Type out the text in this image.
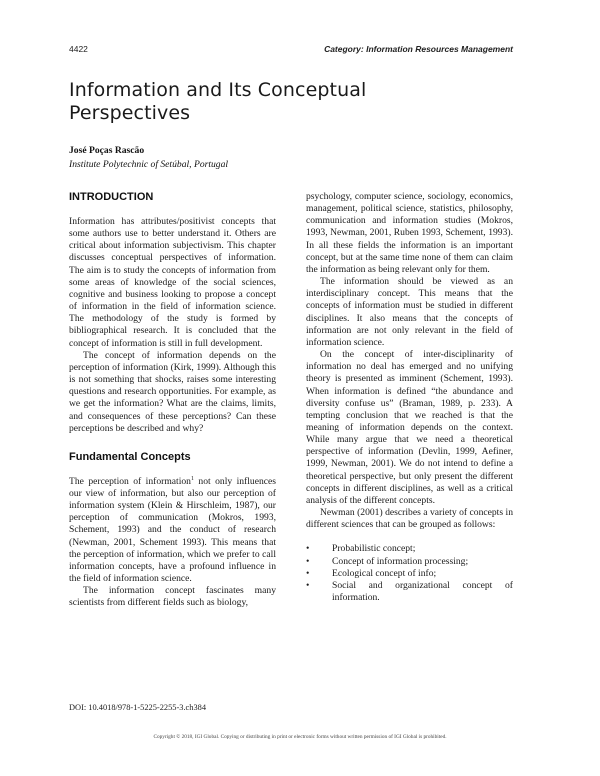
4422	Category: Information Resources Management
Information and Its Conceptual
Perspectives
José Poças Rascão
Institute Polytechnic of Setúbal, Portugal
INTRODUCTION

Information has attributes/positivist concepts that some authors use to better understand it. Others are critical about information subjectivism. This chapter discusses conceptual perspectives of information. The aim is to study the concepts of information from some areas of knowledge of the social sciences, cognitive and business looking to propose a concept of information in the field of information science. The methodology of the study is formed by bibliographical research. It is concluded that the concept of information is still in full development.

The concept of information depends on the perception of information (Kirk, 1999). Although this is not something that shocks, raises some interesting questions and research opportunities. For example, as we get the information? What are the claims, limits, and consequences of these perceptions? Can these perceptions be described and why?

Fundamental Concepts

The perception of information$^1$ not only influences our view of information, but also our perception of information system (Klein & Hirschleim, 1987), our perception of communication (Mokros, 1993, Schement, 1993) and the conduct of research (Newman, 2001, Schement 1993). This means that the perception of information, which we prefer to call information concepts, have a profound influence in the field of information science.

The information concept fascinates many scientists from different fields such as biology,

psychology, computer science, sociology, economics, management, political science, statistics, philosophy, communication and information studies (Mokros, 1993, Newman, 2001, Ruben 1993, Schement, 1993). In all these fields the information is an important concept, but at the same time none of them can claim the information as being relevant only for them.

The information should be viewed as an interdisciplinary concept. This means that the concepts of information must be studied in different disciplines. It also means that the concepts of information are not only relevant in the field of information science.

On the concept of inter-disciplinarity of information no deal has emerged and no unifying theory is presented as imminent (Schement, 1993). When information is defined “the abundance and diversity confuse us” (Braman, 1989, p. 233). A tempting conclusion that we reached is that the meaning of information depends on the context. While many argue that we need a theoretical perspective of information (Devlin, 1999, Aefiner, 1999, Newman, 2001). We do not intend to define a theoretical perspective, but only present the different concepts in different disciplines, as well as a critical analysis of the different concepts.

Newman (2001) describes a variety of concepts in different sciences that can be grouped as follows:

• Probabilistic concept;
• Concept of information processing;
• Ecological concept of info;
• Social and organizational concept of information.
DOI: 10.4018/978-1-5225-2255-3.ch384
Copyright © 2018, IGI Global. Copying or distributing in print or electronic forms without written permission of IGI Global is prohibited.
